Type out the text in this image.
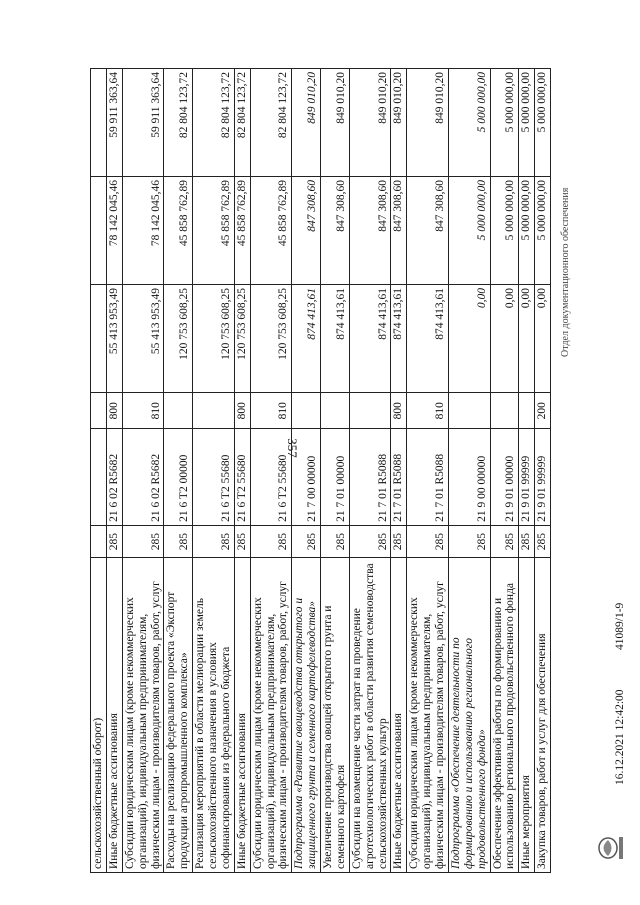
357
сельскохозяйственный оборот)						
Иные бюджетные ассигнования	285	21 6 02 R5682	800	55 413 953,49	78 142 045,46	59 911 363,64
Субсидии юридическим лицам (кроме некоммерческих организаций), индивидуальным предпринимателям, физическим лицам - производителям товаров, работ, услуг	285	21 6 02 R5682	810	55 413 953,49	78 142 045,46	59 911 363,64
Расходы на реализацию федерального проекта «Экспорт продукции агропромышленного комплекса»	285	21 6 T2 00000		120 753 608,25	45 858 762,89	82 804 123,72
Реализация мероприятий в области мелиорации земель сельскохозяйственного назначения в условиях софинансирования из федерального бюджета	285	21 6 T2 55680		120 753 608,25	45 858 762,89	82 804 123,72
Иные бюджетные ассигнования	285	21 6 T2 55680	800	120 753 608,25	45 858 762,89	82 804 123,72
Субсидии юридическим лицам (кроме некоммерческих организаций), индивидуальным предпринимателям, физическим лицам - производителям товаров, работ, услуг	285	21 6 T2 55680	810	120 753 608,25	45 858 762,89	82 804 123,72
Подпрограмма «Развитие овощеводства открытого и защищенного грунта и семенного картофелеводства»	285	21 7 00 00000		874 413,61	847 308,60	849 010,20
Увеличение производства овощей открытого грунта и семенного картофеля	285	21 7 01 00000		874 413,61	847 308,60	849 010,20
Субсидии на возмещение части затрат на проведение агротехнологических работ в области развития семеноводства сельскохозяйственных культур	285	21 7 01 R5088		874 413,61	847 308,60	849 010,20
Иные бюджетные ассигнования	285	21 7 01 R5088	800	874 413,61	847 308,60	849 010,20
Субсидии юридическим лицам (кроме некоммерческих организаций), индивидуальным предпринимателям, физическим лицам - производителям товаров, работ, услуг	285	21 7 01 R5088	810	874 413,61	847 308,60	849 010,20
Подпрограмма «Обеспечение деятельности по формированию и использованию регионального продовольственного фонда»	285	21 9 00 00000		0,00	5 000 000,00	5 000 000,00
Обеспечение эффективной работы по формированию и использованию регионального продовольственного фонда	285	21 9 01 00000		0,00	5 000 000,00	5 000 000,00
Иные мероприятия	285	21 9 01 99999		0,00	5 000 000,00	5 000 000,00
Закупка товаров, работ и услуг для обеспечения	285	21 9 01 99999	200	0,00	5 000 000,00	5 000 000,00
16.12.2021 12:42:00
41089/1-9
Отдел документационного обеспечения
